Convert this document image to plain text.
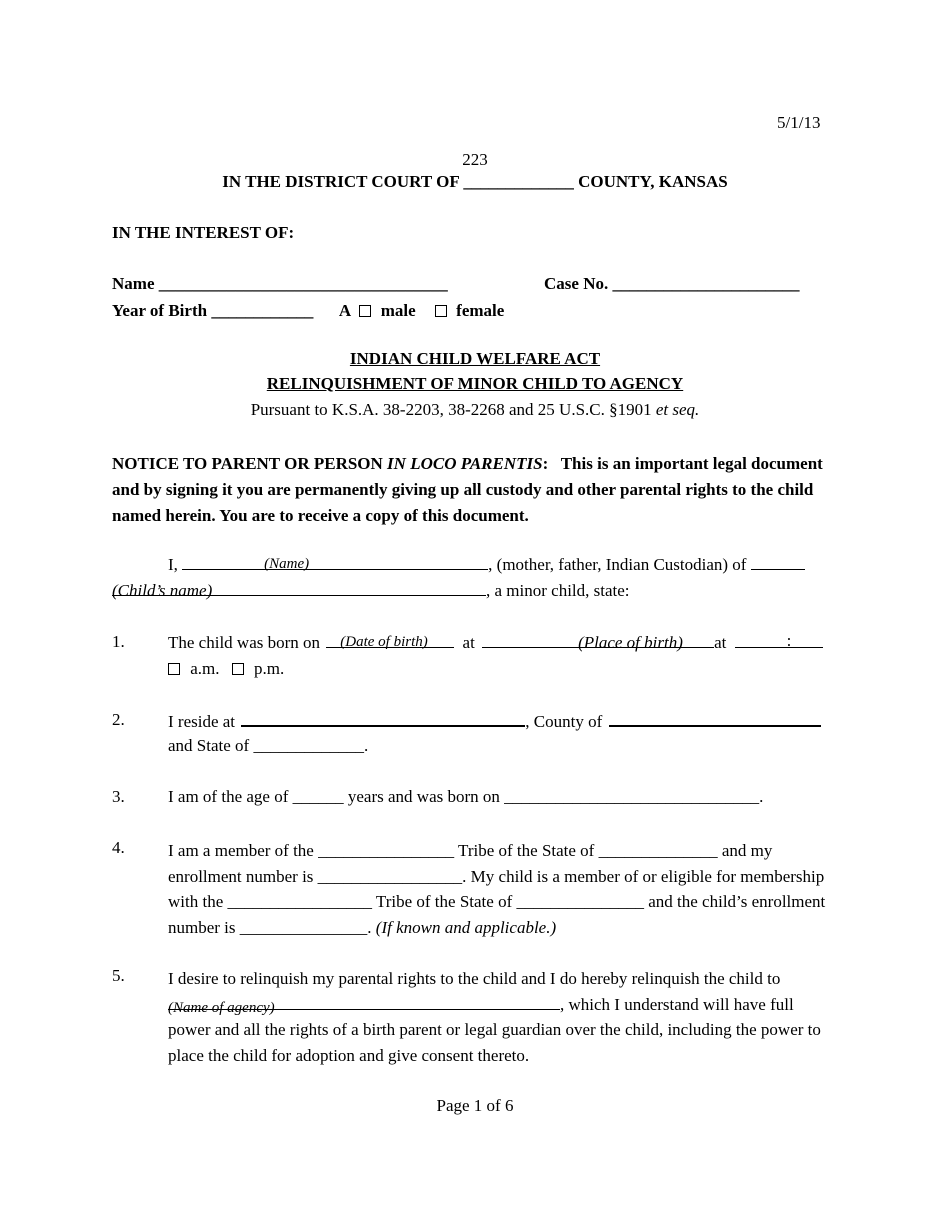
5/1/13
223
IN THE DISTRICT COURT OF _____________ COUNTY, KANSAS
IN THE INTEREST OF:
Name __________________________________	Case No. ______________________
Year of Birth ____________ A male female
INDIAN CHILD WELFARE ACT
RELINQUISHMENT OF MINOR CHILD TO AGENCY
Pursuant to K.S.A. 38-2203, 38-2268 and 25 U.S.C. §1901 et seq.
NOTICE TO PARENT OR PERSON IN LOCO PARENTIS: This is an important legal document and by signing it you are permanently giving up all custody and other parental rights to the child named herein. You are to receive a copy of this document.
I,	(Name)	, (mother, father, Indian Custodian) of
(Child’s name)	, a minor child, state:
1.	The child was born on (Date of birth) at	(Place of birth) at	:
a.m. p.m.
2.	I reside at	, County of
and State of _____________.
3.	I am of the age of ______ years and was born on ______________________________.
4.	I am a member of the ________________ Tribe of the State of ______________ and my enrollment number is _________________. My child is a member of or eligible for membership with the _________________ Tribe of the State of _______________ and the child’s enrollment number is _______________. (If known and applicable.)
5.	I desire to relinquish my parental rights to the child and I do hereby relinquish the child to
(Name of agency)	, which I understand will have full power and all the rights of a birth parent or legal guardian over the child, including the power to place the child for adoption and give consent thereto.
Page 1 of 6
